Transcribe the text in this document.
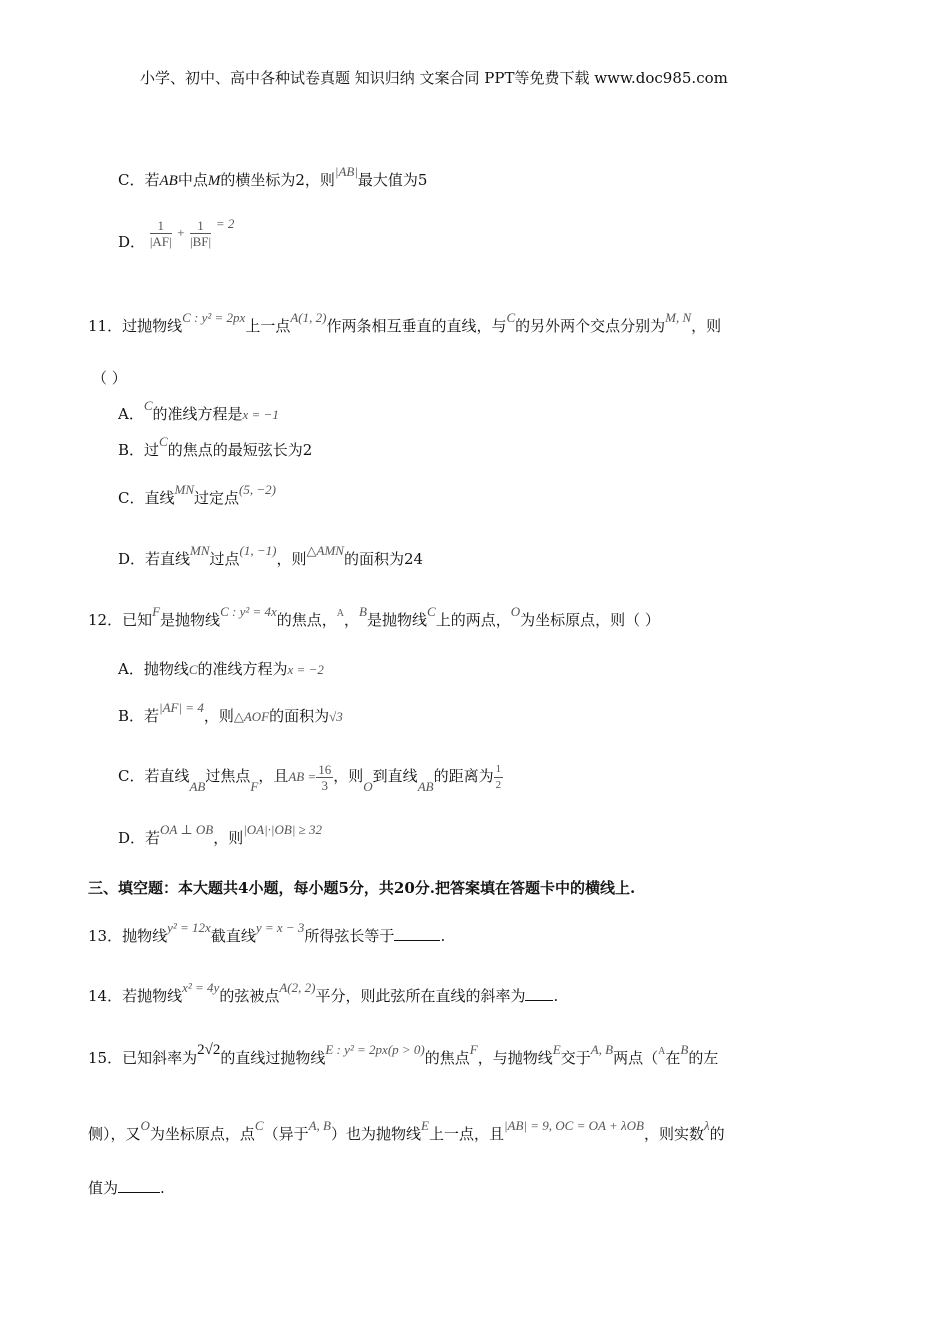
小学、初中、高中各种试卷真题 知识归纳 文案合同 PPT等免费下载 www.doc985.com
C．若AB中点M的横坐标为2，则|AB|最大值为5
D． $\frac{1}{|AF|} + \frac{1}{|BF|} = 2$
11．过抛物线C : y² = 2px上一点A(1, 2)作两条相互垂直的直线，与C的另外两个交点分别为M, N，则
（ ）
A．C的准线方程是x = −1
B．过C的焦点的最短弦长为2
C．直线MN过定点(5, −2)
D．若直线MN过点(1, −1)，则△AMN的面积为24
12．已知F是抛物线C : y² = 4x的焦点，$^A$，B是抛物线C上的两点，O为坐标原点，则（ ）
A．抛物线C的准线方程为x = −2
B．若|AF| = 4，则△AOF的面积为√3
C．若直线AB过焦点F，且AB = $\frac{16}{3}$ ，则O到直线AB的距离为 $\frac{1}{2}$
D．若OA ⊥ OB，则|OA|·|OB| ≥ 32
三、填空题：本大题共4小题，每小题5分，共20分.把答案填在答题卡中的横线上.
13．抛物线y² = 12x截直线y = x − 3所得弦长等于	.
14．若抛物线x² = 4y的弦被点A(2, 2)平分，则此弦所在直线的斜率为 .
15．已知斜率为2√2的直线过抛物线E : y² = 2px(p > 0)的焦点F，与抛物线E交于A, B两点（$^A$在B的左
侧），又O为坐标原点，点C（异于A, B）也为抛物线E上一点，且|AB| = 9, OC = OA + λOB，则实数λ的
值为	.
